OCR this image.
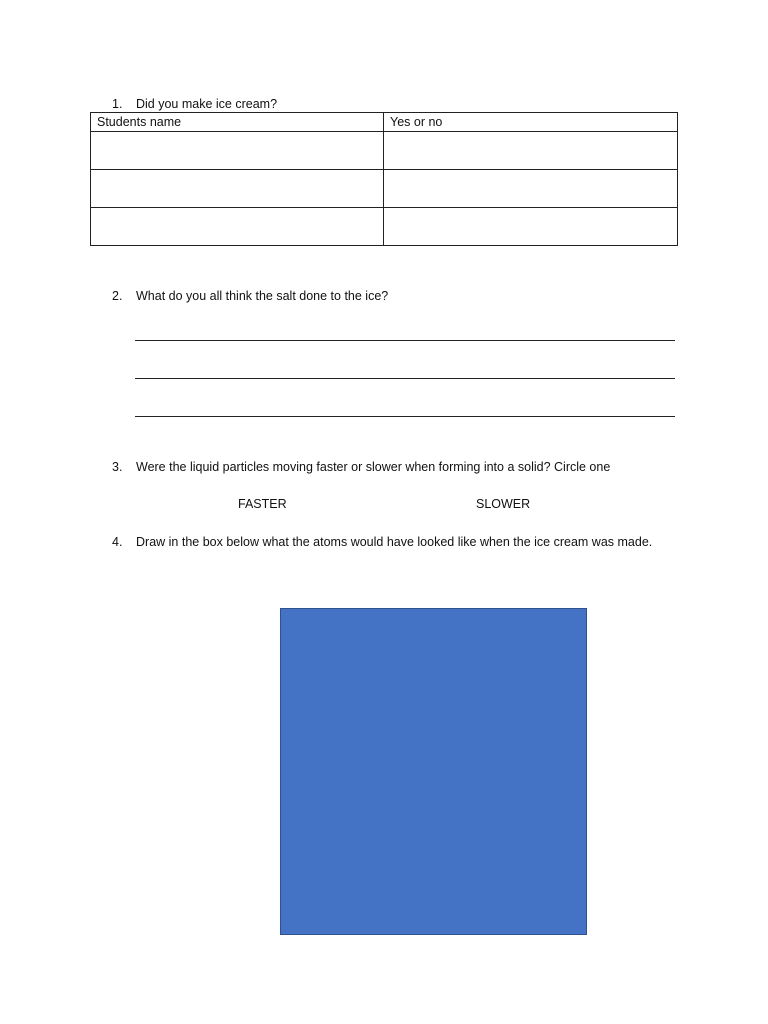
1. Did you make ice cream?
Students name	Yes or no

2. What do you all think the salt done to the ice?
3. Were the liquid particles moving faster or slower when forming into a solid? Circle one
FASTER	SLOWER
4. Draw in the box below what the atoms would have looked like when the ice cream was made.
